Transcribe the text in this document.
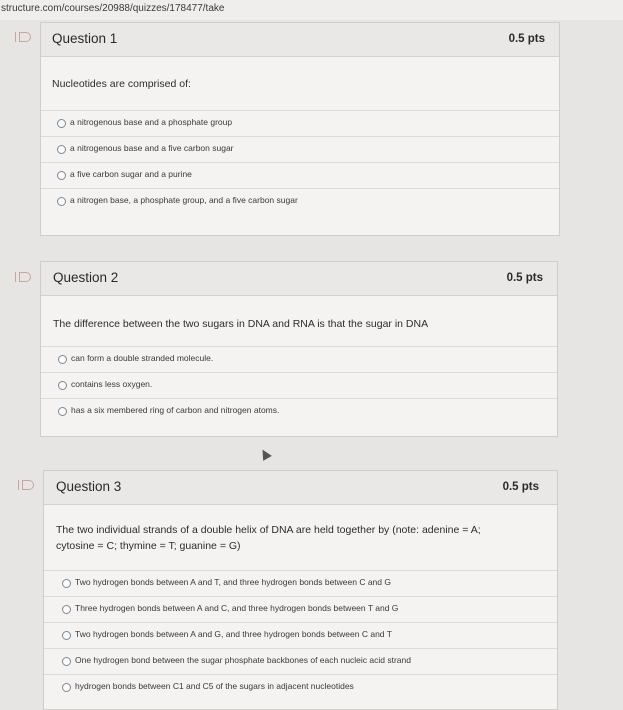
structure.com/courses/20988/quizzes/178477/take
Question 1	0.5 pts
Nucleotides are comprised of:
a nitrogenous base and a phosphate group
a nitrogenous base and a five carbon sugar
a five carbon sugar and a purine
a nitrogen base, a phosphate group, and a five carbon sugar
Question 2	0.5 pts
The difference between the two sugars in DNA and RNA is that the sugar in DNA
can form a double stranded molecule.
contains less oxygen.
has a six membered ring of carbon and nitrogen atoms.
Question 3	0.5 pts
The two individual strands of a double helix of DNA are held together by (note: adenine = A; cytosine = C; thymine = T; guanine = G)
Two hydrogen bonds between A and T, and three hydrogen bonds between C and G
Three hydrogen bonds between A and C, and three hydrogen bonds between T and G
Two hydrogen bonds between A and G, and three hydrogen bonds between C and T
One hydrogen bond between the sugar phosphate backbones of each nucleic acid strand
hydrogen bonds between C1 and C5 of the sugars in adjacent nucleotides
